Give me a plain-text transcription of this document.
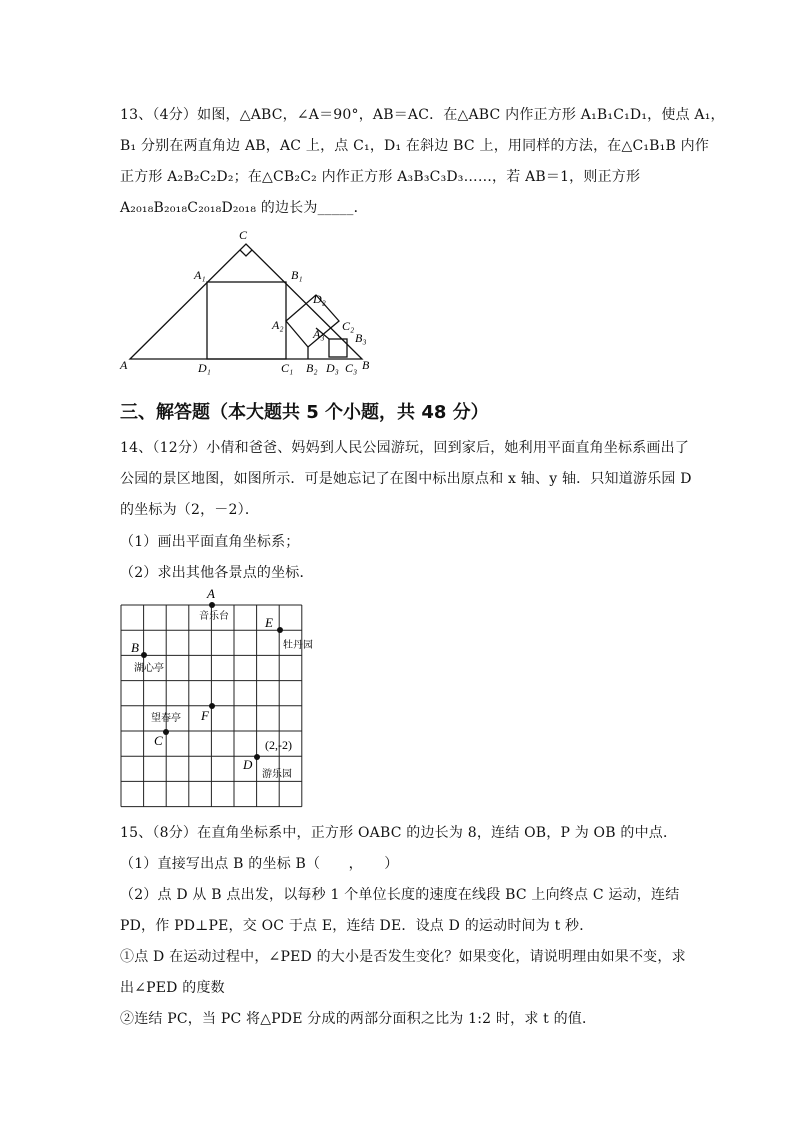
13、（4分）如图，△ABC，∠A＝90°，AB＝AC．在△ABC 内作正方形 A₁B₁C₁D₁，使点 A₁，
B₁ 分别在两直角边 AB，AC 上，点 C₁，D₁ 在斜边 BC 上，用同样的方法，在△C₁B₁B 内作
正方形 A₂B₂C₂D₂；在△CB₂C₂ 内作正方形 A₃B₃C₃D₃……，若 AB＝1，则正方形
A₂₀₁₈B₂₀₁₈C₂₀₁₈D₂₀₁₈ 的边长为_____．
C
A₁	B₁
D₂
A₂
A₃
C₂
B₃
A	D₁	C₁ B₂ D₃ C₃ B
三、解答题（本大题共 5 个小题，共 48 分）
14、（12分）小倩和爸爸、妈妈到人民公园游玩，回到家后，她利用平面直角坐标系画出了
公园的景区地图，如图所示．可是她忘记了在图中标出原点和 x 轴、y 轴．只知道游乐园 D
的坐标为（2，－2）．
（1）画出平面直角坐标系；
（2）求出其他各景点的坐标．
A
E
B
F
C
D
音乐台
牡丹园
湖心亭
望春亭
游乐园
(2,-2)
15、（8分）在直角坐标系中，正方形 OABC 的边长为 8，连结 OB，P 为 OB 的中点．
（1）直接写出点 B 的坐标 B（　　，　　）
（2）点 D 从 B 点出发，以每秒 1 个单位长度的速度在线段 BC 上向终点 C 运动，连结
PD，作 PD⊥PE，交 OC 于点 E，连结 DE．设点 D 的运动时间为 t 秒．
①点 D 在运动过程中，∠PED 的大小是否发生变化？如果变化，请说明理由如果不变，求
出∠PED 的度数
②连结 PC，当 PC 将△PDE 分成的两部分面积之比为 1:2 时，求 t 的值．
